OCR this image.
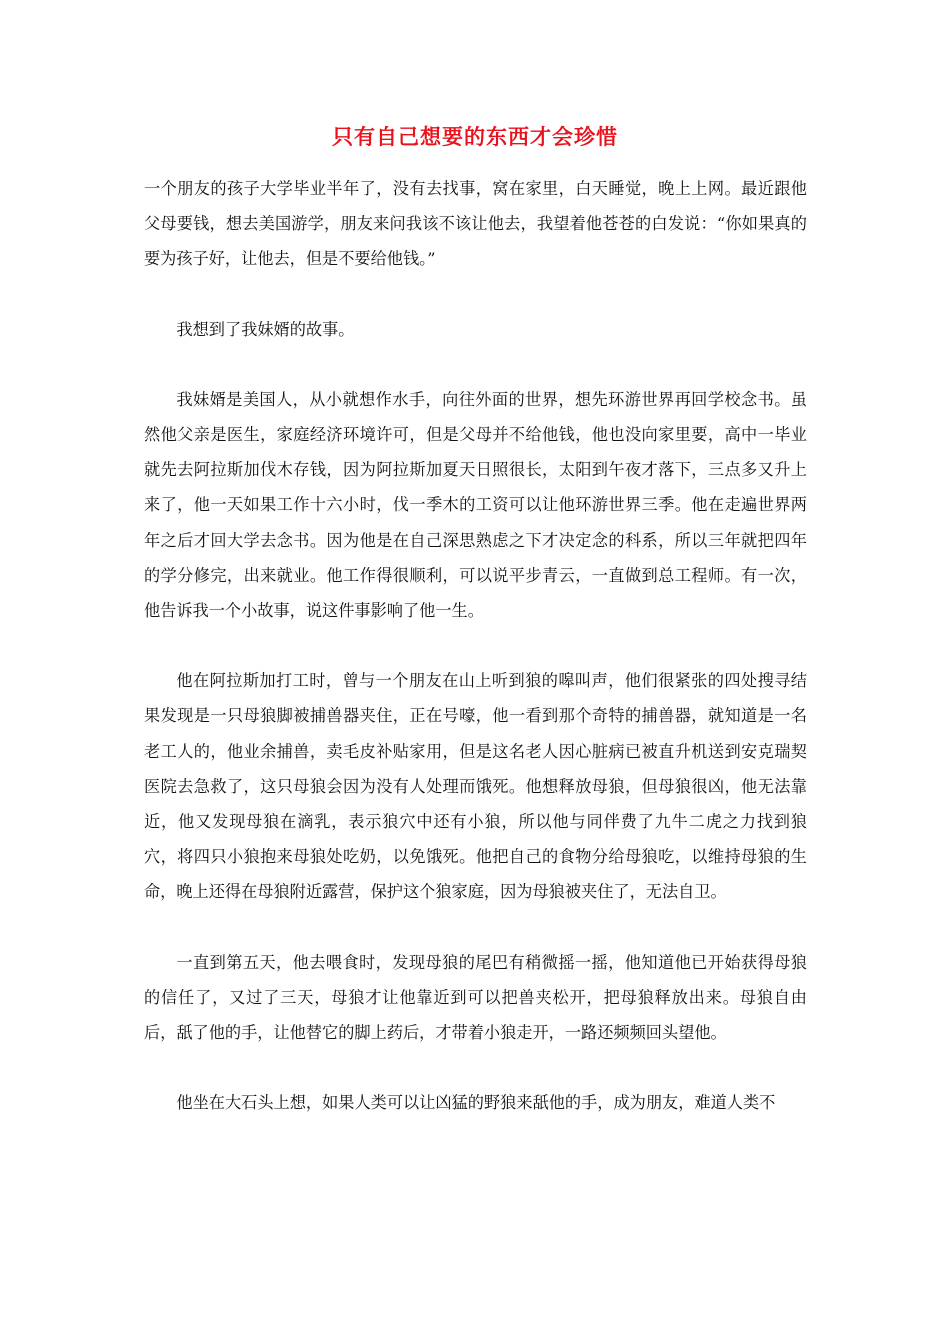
只有自己想要的东西才会珍惜

一个朋友的孩子大学毕业半年了，没有去找事，窝在家里，白天睡觉，晚上上网。最近跟他父母要钱，想去美国游学，朋友来问我该不该让他去，我望着他苍苍的白发说：“你如果真的要为孩子好，让他去，但是不要给他钱。”

我想到了我妹婿的故事。

我妹婿是美国人，从小就想作水手，向往外面的世界，想先环游世界再回学校念书。虽然他父亲是医生，家庭经济环境许可，但是父母并不给他钱，他也没向家里要，高中一毕业就先去阿拉斯加伐木存钱，因为阿拉斯加夏天日照很长，太阳到午夜才落下，三点多又升上来了，他一天如果工作十六小时，伐一季木的工资可以让他环游世界三季。他在走遍世界两年之后才回大学去念书。因为他是在自己深思熟虑之下才决定念的科系，所以三年就把四年的学分修完，出来就业。他工作得很顺利，可以说平步青云，一直做到总工程师。有一次，他告诉我一个小故事，说这件事影响了他一生。

他在阿拉斯加打工时，曾与一个朋友在山上听到狼的嗥叫声，他们很紧张的四处搜寻结果发现是一只母狼脚被捕兽器夹住，正在号嚎，他一看到那个奇特的捕兽器，就知道是一名老工人的，他业余捕兽，卖毛皮补贴家用，但是这名老人因心脏病已被直升机送到安克瑞契医院去急救了，这只母狼会因为没有人处理而饿死。他想释放母狼，但母狼很凶，他无法靠近，他又发现母狼在滴乳，表示狼穴中还有小狼，所以他与同伴费了九牛二虎之力找到狼穴，将四只小狼抱来母狼处吃奶，以免饿死。他把自己的食物分给母狼吃，以维持母狼的生命，晚上还得在母狼附近露营，保护这个狼家庭，因为母狼被夹住了，无法自卫。

一直到第五天，他去喂食时，发现母狼的尾巴有稍微摇一摇，他知道他已开始获得母狼的信任了，又过了三天，母狼才让他靠近到可以把兽夹松开，把母狼释放出来。母狼自由后，舐了他的手，让他替它的脚上药后，才带着小狼走开，一路还频频回头望他。

他坐在大石头上想，如果人类可以让凶猛的野狼来舐他的手，成为朋友，难道人类不
